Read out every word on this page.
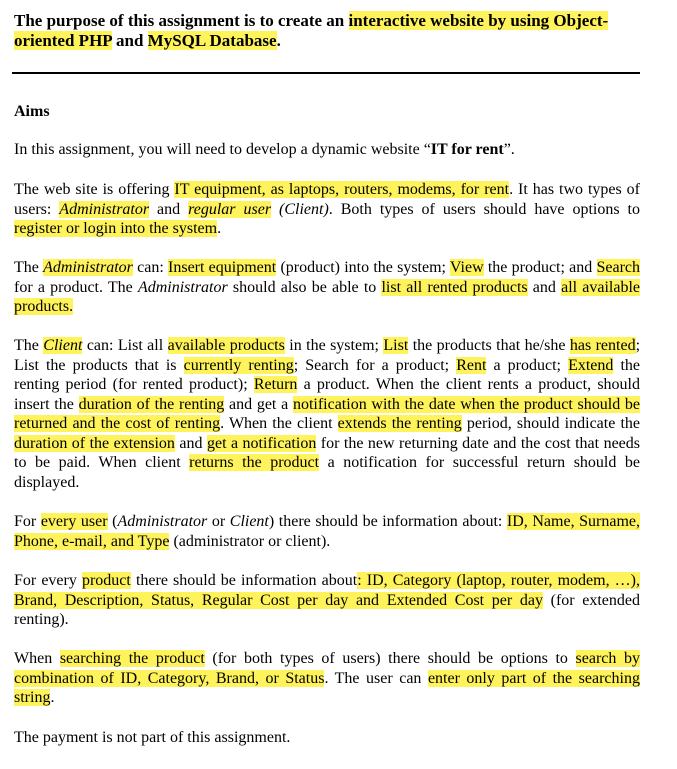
The purpose of this assignment is to create an interactive website by using Object-oriented PHP and MySQL Database.
Aims
In this assignment, you will need to develop a dynamic website “IT for rent”.
The web site is offering IT equipment, as laptops, routers, modems, for rent. It has two types of users: Administrator and regular user (Client). Both types of users should have options to register or login into the system.
The Administrator can: Insert equipment (product) into the system; View the product; and Search for a product. The Administrator should also be able to list all rented products and all available products.
The Client can: List all available products in the system; List the products that he/she has rented; List the products that is currently renting; Search for a product; Rent a product; Extend the renting period (for rented product); Return a product. When the client rents a product, should insert the duration of the renting and get a notification with the date when the product should be returned and the cost of renting. When the client extends the renting period, should indicate the duration of the extension and get a notification for the new returning date and the cost that needs to be paid. When client returns the product a notification for successful return should be displayed.
For every user (Administrator or Client) there should be information about: ID, Name, Surname, Phone, e-mail, and Type (administrator or client).
For every product there should be information about: ID, Category (laptop, router, modem, …), Brand, Description, Status, Regular Cost per day and Extended Cost per day (for extended renting).
When searching the product (for both types of users) there should be options to search by combination of ID, Category, Brand, or Status. The user can enter only part of the searching string.
The payment is not part of this assignment.
